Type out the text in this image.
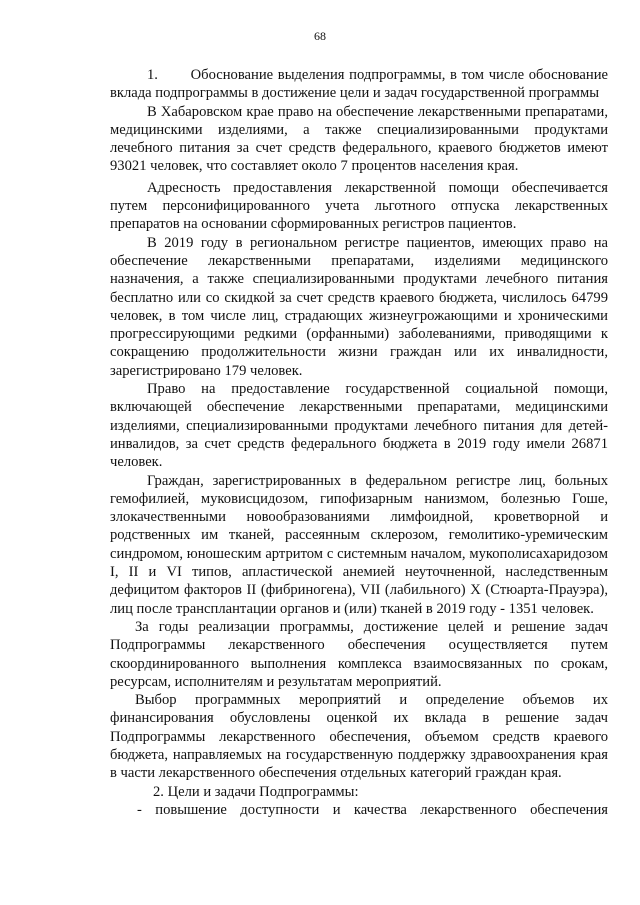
68

1.       Обоснование выделения подпрограммы, в том числе обоснование вклада подпрограммы в достижение цели и задач государственной программы

В Хабаровском крае право на обеспечение лекарственными препаратами, медицинскими изделиями, а также специализированными продуктами лечебного питания за счет средств федерального, краевого бюджетов имеют 93021 человек, что составляет около 7 процентов населения края.

Адресность предоставления лекарственной помощи обеспечивается путем персонифицированного учета льготного отпуска лекарственных препаратов на основании сформированных регистров пациентов.

В 2019 году в региональном регистре пациентов, имеющих право на обеспечение лекарственными препаратами, изделиями медицинского назначения, а также специализированными продуктами лечебного питания бесплатно или со скидкой за счет средств краевого бюджета, числилось 64799 человек, в том числе лиц, страдающих жизнеугрожающими и хроническими прогрессирующими редкими (орфанными) заболеваниями, приводящими к сокращению продолжительности жизни граждан или их инвалидности, зарегистрировано 179 человек.

Право на предоставление государственной социальной помощи, включающей обеспечение лекарственными препаратами, медицинскими изделиями, специализированными продуктами лечебного питания для детей-инвалидов, за счет средств федерального бюджета в 2019 году имели 26871 человек.

Граждан, зарегистрированных в федеральном регистре лиц, больных гемофилией, муковисцидозом, гипофизарным нанизмом, болезнью Гоше, злокачественными новообразованиями лимфоидной, кроветворной и родственных им тканей, рассеянным склерозом, гемолитико-уремическим синдромом, юношеским артритом с системным началом, мукополисахаридозом I, II и VI типов, апластической анемией неуточненной, наследственным дефицитом факторов II (фибриногена), VII (лабильного) X (Стюарта-Прауэра), лиц после трансплантации органов и (или) тканей в 2019 году - 1351 человек.

За годы реализации программы, достижение целей и решение задач Подпрограммы лекарственного обеспечения осуществляется путем скоординированного выполнения комплекса взаимосвязанных по срокам, ресурсам, исполнителям и результатам мероприятий.

Выбор программных мероприятий и определение объемов их финансирования обусловлены оценкой их вклада в решение задач Подпрограммы лекарственного обеспечения, объемом средств краевого бюджета, направляемых на государственную поддержку здравоохранения края в части лекарственного обеспечения отдельных категорий граждан края.

2. Цели и задачи Подпрограммы:

- повышение доступности и качества лекарственного обеспечения
